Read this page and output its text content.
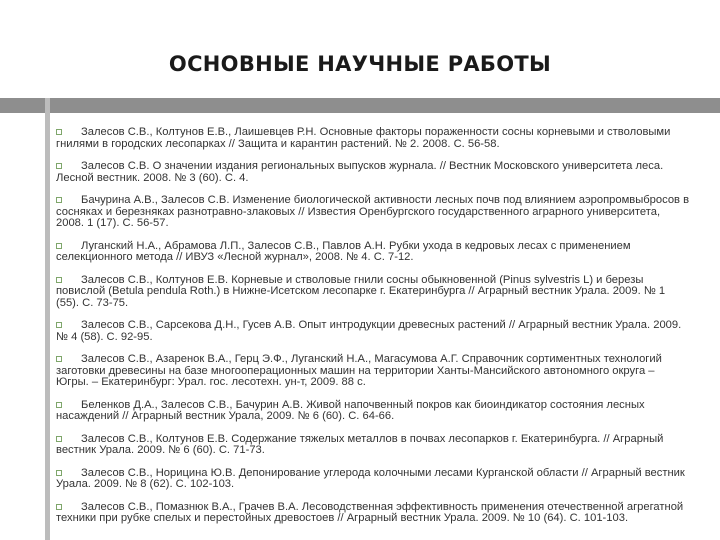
ОСНОВНЫЕ НАУЧНЫЕ РАБОТЫ
Залесов С.В., Колтунов Е.В., Лаишевцев Р.Н. Основные факторы пораженности сосны корневыми и стволовыми гнилями в городских лесопарках // Защита и карантин растений. № 2. 2008. С. 56-58.
Залесов С.В. О значении издания региональных выпусков журнала. // Вестник Московского университета леса. Лесной вестник. 2008. № 3 (60). С. 4.
Бачурина А.В., Залесов С.В. Изменение биологической активности лесных почв под влиянием аэропромвыбросов в сосняках и березняках разнотравно-злаковых // Известия Оренбургского государственного аграрного университета, 2008. 1 (17). С. 56-57.
Луганский Н.А., Абрамова Л.П., Залесов С.В., Павлов А.Н. Рубки ухода в кедровых лесах с применением селекционного метода // ИВУЗ «Лесной журнал», 2008. № 4. С. 7-12.
Залесов С.В., Колтунов Е.В. Корневые и стволовые гнили сосны обыкновенной (Pinus sylvestris L) и березы повислой (Betula pendula Roth.) в Нижне-Исетском лесопарке г. Екатеринбурга // Аграрный вестник Урала. 2009. № 1 (55). С. 73-75.
Залесов С.В., Сарсекова Д.Н., Гусев А.В. Опыт интродукции древесных растений // Аграрный вестник Урала. 2009. № 4 (58). С. 92-95.
Залесов С.В., Азаренок В.А., Герц Э.Ф., Луганский Н.А., Магасумова А.Г. Справочник сортиментных технологий заготовки древесины на базе многооперационных машин на территории Ханты-Мансийского автономного округа – Югры. – Екатеринбург: Урал. гос. лесотехн. ун-т, 2009. 88 с.
Беленков Д.А., Залесов С.В., Бачурин А.В. Живой напочвенный покров как биоиндикатор состояния лесных насаждений // Аграрный вестник Урала, 2009. № 6 (60). С. 64-66.
Залесов С.В., Колтунов Е.В. Содержание тяжелых металлов в почвах лесопарков г. Екатеринбурга. // Аграрный вестник Урала. 2009. № 6 (60). С. 71-73.
Залесов С.В., Норицина Ю.В. Депонирование углерода колочными лесами Курганской области // Аграрный вестник Урала. 2009. № 8 (62). С. 102-103.
Залесов С.В., Помазнюк В.А., Грачев В.А. Лесоводственная эффективность применения отечественной агрегатной техники при рубке спелых и перестойных древостоев // Аграрный вестник Урала. 2009. № 10 (64). С. 101-103.
